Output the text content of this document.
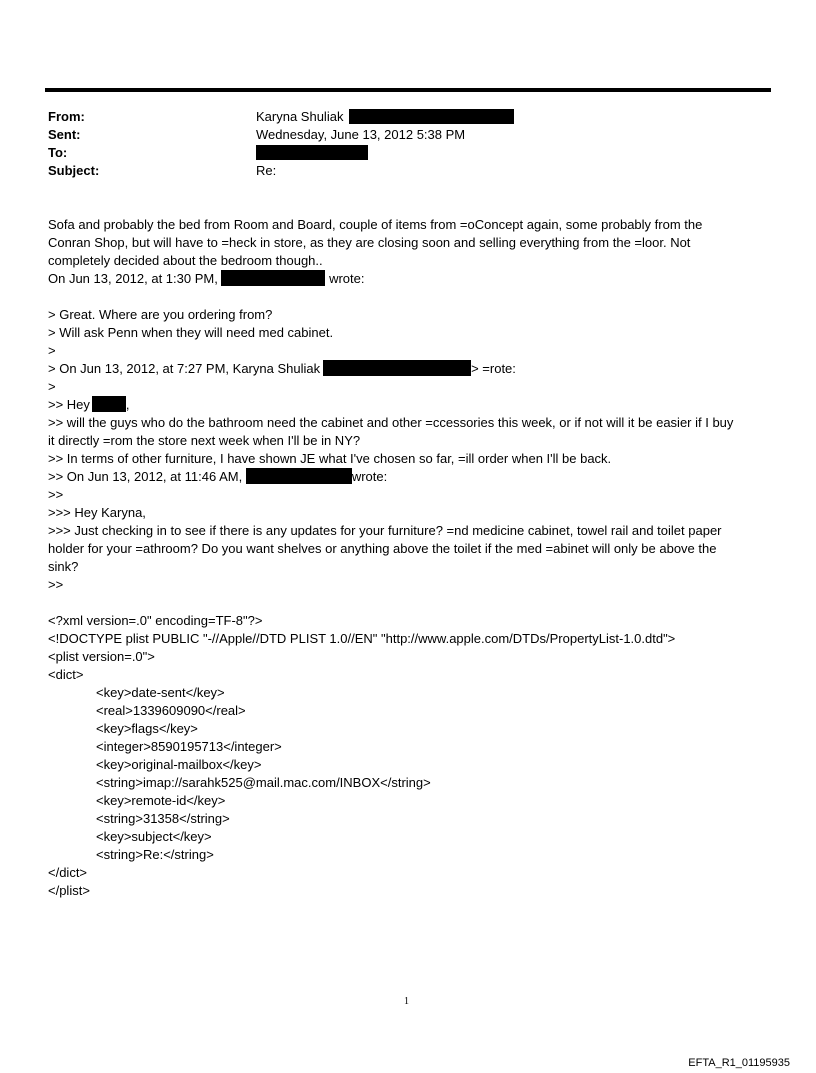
From:	Karyna Shuliak
Sent:	Wednesday, June 13, 2012 5:38 PM
To:
Subject:	Re:
Sofa and probably the bed from Room and Board, couple of items from =oConcept again, some probably from the
Conran Shop, but will have to =heck in store, as they are closing soon and selling everything from the =loor. Not
completely decided about the bedroom though..
On Jun 13, 2012, at 1:30 PM,	wrote:
> Great. Where are you ordering from?
> Will ask Penn when they will need med cabinet.
>
> On Jun 13, 2012, at 7:27 PM, Karyna Shuliak	> =rote:
>
>> Hey	,
>> will the guys who do the bathroom need the cabinet and other =ccessories this week, or if not will it be easier if I buy
it directly =rom the store next week when I'll be in NY?
>> In terms of other furniture, I have shown JE what I've chosen so far, =ill order when I'll be back.
>> On Jun 13, 2012, at 11:46 AM,	wrote:
>>
>>> Hey Karyna,
>>> Just checking in to see if there is any updates for your furniture? =nd medicine cabinet, towel rail and toilet paper
holder for your =athroom? Do you want shelves or anything above the toilet if the med =abinet will only be above the
sink?
>>
<?xml version=.0" encoding=TF-8"?>
<!DOCTYPE plist PUBLIC "-//Apple//DTD PLIST 1.0//EN" "http://www.apple.com/DTDs/PropertyList-1.0.dtd">
<plist version=.0">
<dict>
<key>date-sent</key>
<real>1339609090</real>
<key>flags</key>
<integer>8590195713</integer>
<key>original-mailbox</key>
<string>imap://sarahk525@mail.mac.com/INBOX</string>
<key>remote-id</key>
<string>31358</string>
<key>subject</key>
<string>Re:</string>
</dict>
</plist>
1
EFTA_R1_01195935
